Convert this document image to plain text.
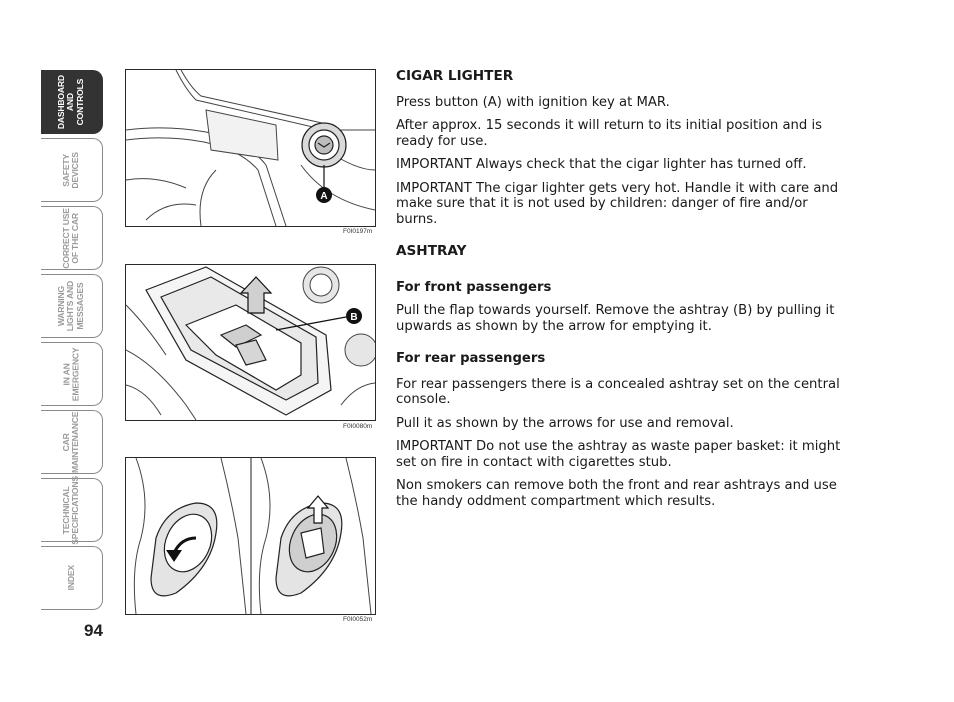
DASHBOARD
AND
CONTROLS
SAFETY
DEVICES
CORRECT USE
OF THE CAR
WARNING
LIGHTS AND
MESSAGES
IN AN
EMERGENCY
CAR
MAINTENANCE
TECHNICAL
SPECIFICATIONS
INDEX
94
A
F0I0197m
B
F0I0080m
F0I0052m
CIGAR LIGHTER
Press button (A) with ignition key at MAR.
After approx. 15 seconds it will return to its initial position and is ready for use.
IMPORTANT Always check that the cigar lighter has turned off.
IMPORTANT The cigar lighter gets very hot. Handle it with care and make sure that it is not used by children: danger of fire and/or burns.
ASHTRAY
For front passengers
Pull the flap towards yourself. Remove the ashtray (B) by pulling it upwards as shown by the arrow for emptying it.
For rear passengers
For rear passengers there is a concealed ashtray set on the central console.
Pull it as shown by the arrows for use and removal.
IMPORTANT Do not use the ashtray as waste paper basket: it might set on fire in contact with cigarettes stub.
Non smokers can remove both the front and rear ashtrays and use the handy oddment compartment which results.
